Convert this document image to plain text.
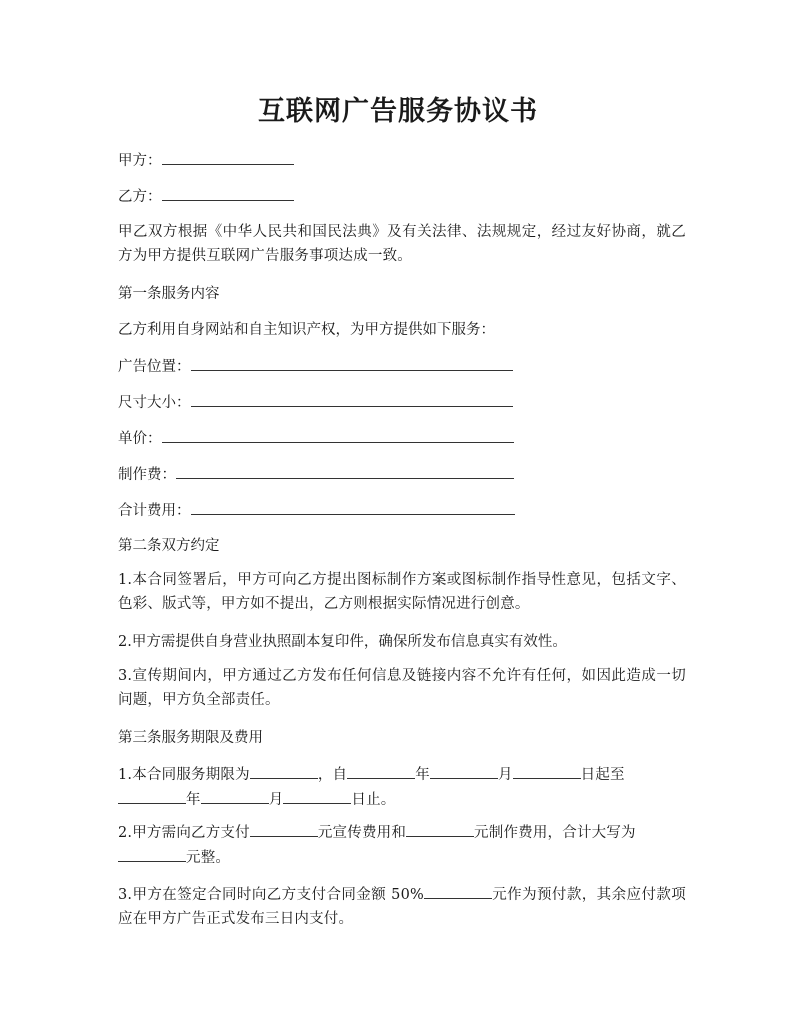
互联网广告服务协议书
甲方：
乙方：

甲乙双方根据《中华人民共和国民法典》及有关法律、法规规定，经过友好协商，就乙方为甲方提供互联网广告服务事项达成一致。

第一条服务内容
乙方利用自身网站和自主知识产权，为甲方提供如下服务：
广告位置：
尺寸大小：
单价：
制作费：
合计费用：
第二条双方约定

1.本合同签署后，甲方可向乙方提出图标制作方案或图标制作指导性意见，包括文字、色彩、版式等，甲方如不提出，乙方则根据实际情况进行创意。

2.甲方需提供自身营业执照副本复印件，确保所发布信息真实有效性。

3.宣传期间内，甲方通过乙方发布任何信息及链接内容不允许有任何，如因此造成一切问题，甲方负全部责任。

第三条服务期限及费用
1.本合同服务期限为	，自	年	月	日起至
年	月	日止。
2.甲方需向乙方支付	元宣传费用和	元制作费用，合计大写为
元整。
3.甲方在签定合同时向乙方支付合同金额 50%	元作为预付款，其余应付款项应在甲方广告正式发布三日内支付。
